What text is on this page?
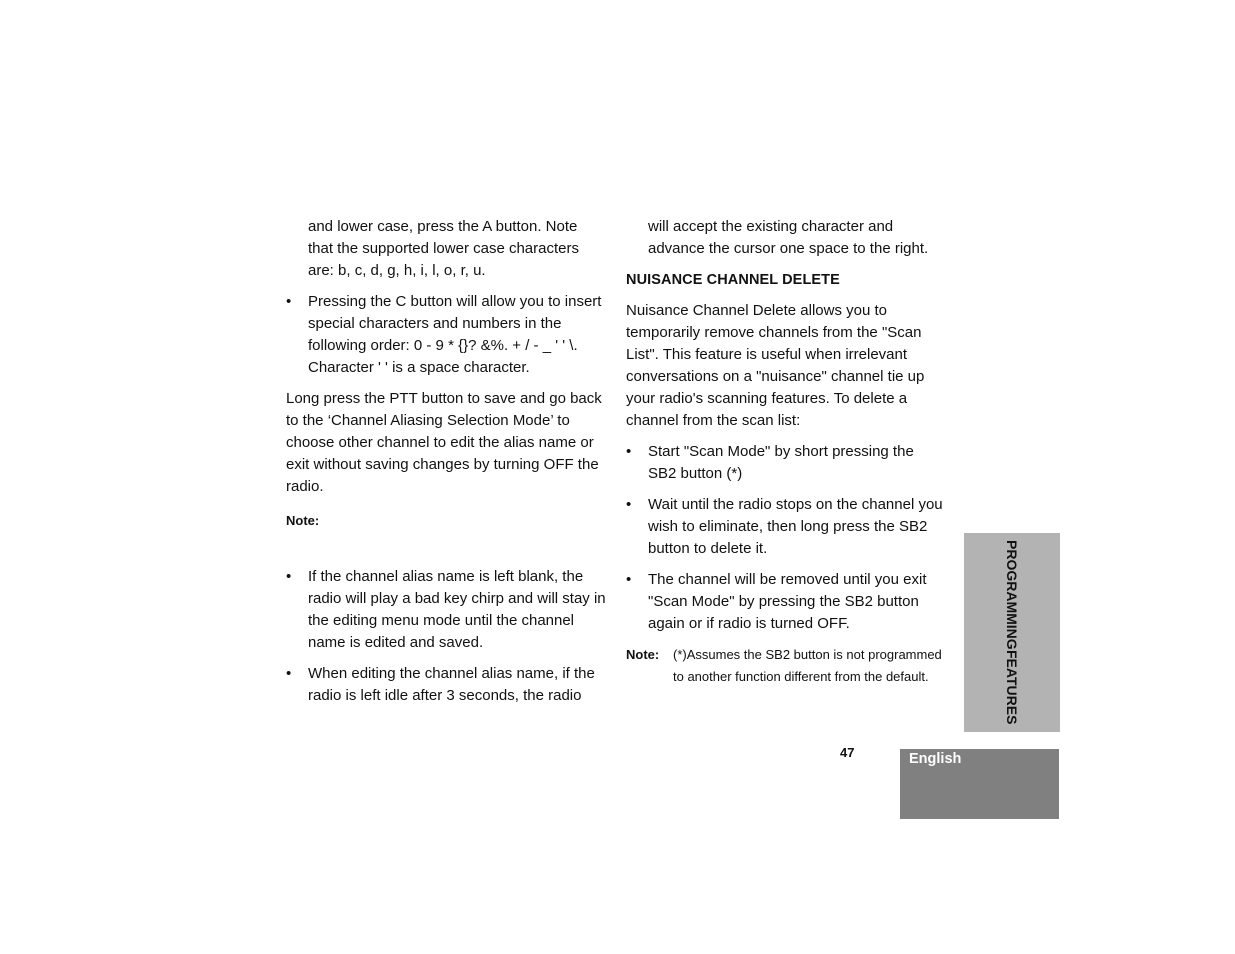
and lower case, press the A button. Note that the supported lower case characters are: b, c, d, g, h, i, l, o, r, u.

•	Pressing the C button will allow you to insert special characters and numbers in the following order: 0 - 9 * {}? &%. + / - _ ' ' \. Character ' ' is a space character.

Long press the PTT button to save and go back to the ‘Channel Aliasing Selection Mode’ to choose other channel to edit the alias name or exit without saving changes by turning OFF the radio.

Note:

•	If the channel alias name is left blank, the radio will play a bad key chirp and will stay in the editing menu mode until the channel name is edited and saved.
•	When editing the channel alias name, if the radio is left idle after 3 seconds, the radio

will accept the existing character and advance the cursor one space to the right.

NUISANCE CHANNEL DELETE

Nuisance Channel Delete allows you to temporarily remove channels from the "Scan List". This feature is useful when irrelevant conversations on a "nuisance" channel tie up your radio's scanning features. To delete a channel from the scan list:

•	Start "Scan Mode" by short pressing the SB2 button (*)
•	Wait until the radio stops on the channel you wish to eliminate, then long press the SB2 button to delete it.
•	The channel will be removed until you exit "Scan Mode" by pressing the SB2 button again or if radio is turned OFF.
Note:	(*)Assumes the SB2 button is not programmed to another function different from the default.
PROGRAMMING
FEATURES
47	English
